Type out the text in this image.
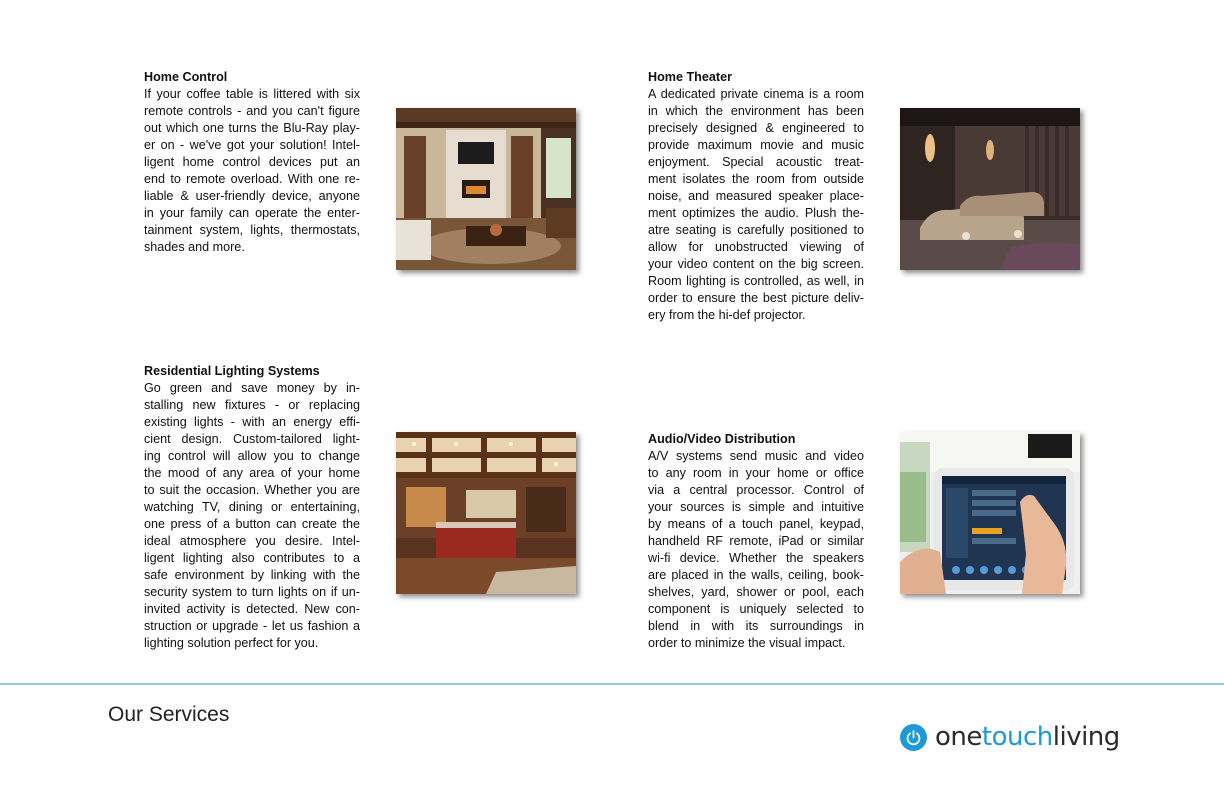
Home Control

If your coffee table is littered with six
remote controls - and you can't figure
out which one turns the Blu-Ray play-
er on - we've got your solution! Intel-
ligent home control devices put an
end to remote overload. With one re-
liable & user-friendly device, anyone
in your family can operate the enter-
tainment system, lights, thermostats,
shades and more.

Home Theater

A dedicated private cinema is a room
in which the environment has been
precisely designed & engineered to
provide maximum movie and music
enjoyment. Special acoustic treat-
ment isolates the room from outside
noise, and measured speaker place-
ment optimizes the audio. Plush the-
atre seating is carefully positioned to
allow for unobstructed viewing of
your video content on the big screen.
Room lighting is controlled, as well, in
order to ensure the best picture deliv-
ery from the hi-def projector.

Residential Lighting Systems

Go green and save money by in-
stalling new fixtures - or replacing
existing lights - with an energy effi-
cient design. Custom-tailored light-
ing control will allow you to change
the mood of any area of your home
to suit the occasion. Whether you are
watching TV, dining or entertaining,
one press of a button can create the
ideal atmosphere you desire. Intel-
ligent lighting also contributes to a
safe environment by linking with the
security system to turn lights on if un-
invited activity is detected. New con-
struction or upgrade - let us fashion a
lighting solution perfect for you.

Audio/Video Distribution

A/V systems send music and video
to any room in your home or office
via a central processor. Control of
your sources is simple and intuitive
by means of a touch panel, keypad,
handheld RF remote, iPad or similar
wi-fi device. Whether the speakers
are placed in the walls, ceiling, book-
shelves, yard, shower or pool, each
component is uniquely selected to
blend in with its surroundings in
order to minimize the visual impact.
Our Services
onetouchliving
